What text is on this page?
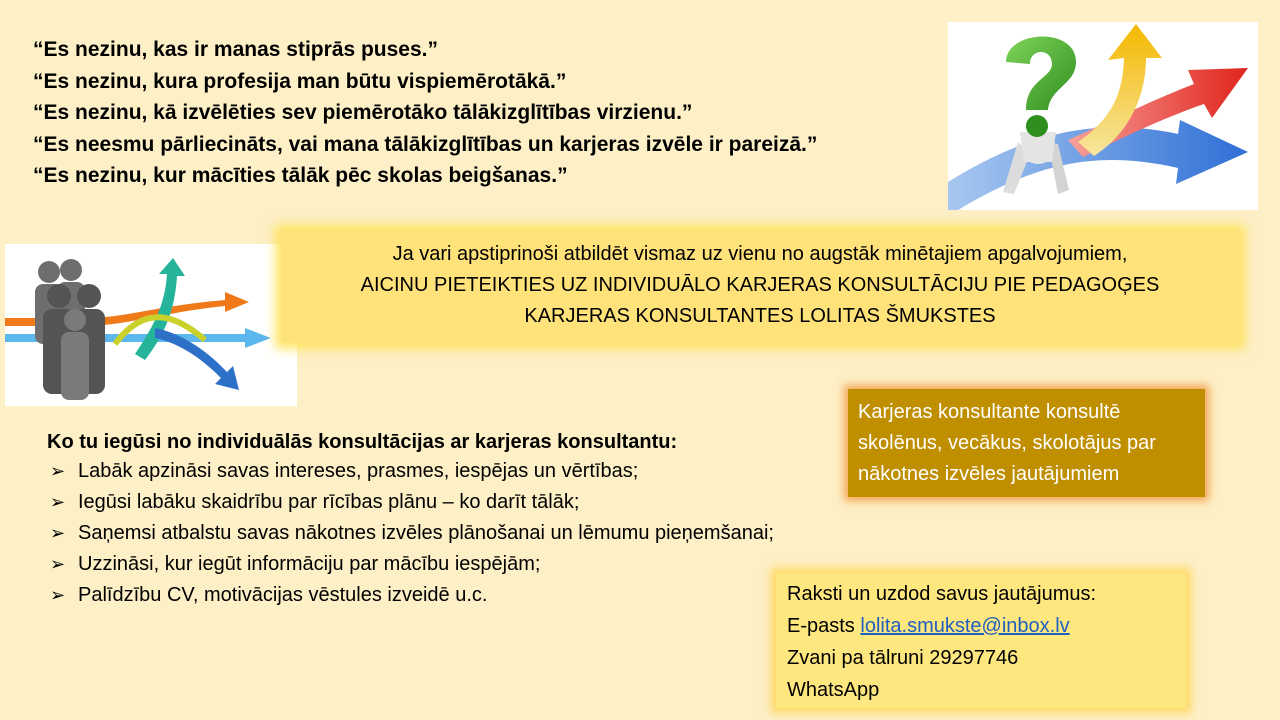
“Es nezinu, kas ir manas stiprās puses.”
“Es nezinu, kura profesija man būtu vispiemērotākā.”
“Es nezinu, kā izvēlēties sev piemērotāko tālākizglītības virzienu.”
“Es neesmu pārliecināts, vai mana tālākizglītības un karjeras izvēle ir pareizā.”
“Es nezinu, kur mācīties tālāk pēc skolas beigšanas.”
Ja vari apstiprinoši atbildēt vismaz uz vienu no augstāk minētajiem apgalvojumiem,
AICINU PIETEIKTIES UZ INDIVIDUĀLO KARJERAS KONSULTĀCIJU PIE PEDAGOĢES
KARJERAS KONSULTANTES LOLITAS ŠMUKSTES
Karjeras konsultante konsultē skolēnus, vecākus, skolotājus par nākotnes izvēles jautājumiem
Ko tu iegūsi no individuālās konsultācijas ar karjeras konsultantu:
➢ Labāk apzināsi savas intereses, prasmes, iespējas un vērtības;
➢ Iegūsi labāku skaidrību par rīcības plānu – ko darīt tālāk;
➢ Saņemsi atbalstu savas nākotnes izvēles plānošanai un lēmumu pieņemšanai;
➢ Uzzināsi, kur iegūt informāciju par mācību iespējām;
➢ Palīdzību CV, motivācijas vēstules izveidē u.c.	Raksti un uzdod savus jautājumus:
E-pasts lolita.smukste@inbox.lv
Zvani pa tālruni 29297746
WhatsApp
